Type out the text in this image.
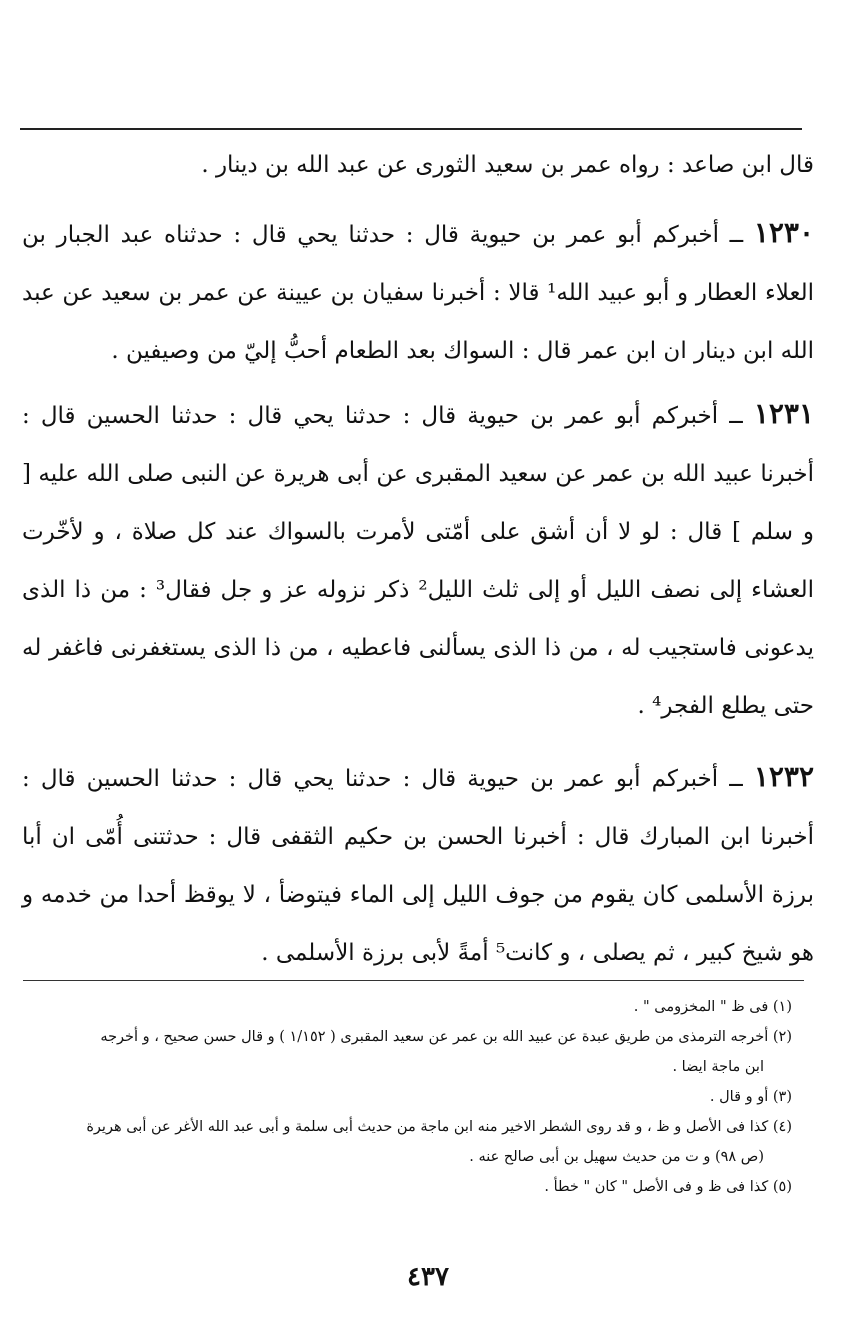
قال ابن صاعد : رواه عمر بن سعيد الثورى عن عبد الله بن دينار .

١٢٣٠ ــ أخبركم أبو عمر بن حيوية قال : حدثنا يحي قال : حدثناه عبد الجبار بن العلاء العطار و أبو عبيد الله¹ قالا : أخبرنا سفيان بن عيينة عن عمر بن سعيد عن عبد الله ابن دينار ان ابن عمر قال : السواك بعد الطعام أحبُّ إليّ من وصيفين .

١٢٣١ ــ أخبركم أبو عمر بن حيوية قال : حدثنا يحي قال : حدثنا الحسين قال : أخبرنا عبيد الله بن عمر عن سعيد المقبرى عن أبى هريرة عن النبى صلى الله عليه [ و سلم ] قال : لو لا أن أشق على أمّتى لأمرت بالسواك عند كل صلاة ، و لأخّرت العشاء إلى نصف الليل أو إلى ثلث الليل² ذكر نزوله عز و جل فقال³ : من ذا الذى يدعونى فاستجيب له ، من ذا الذى يسألنى فاعطيه ، من ذا الذى يستغفرنى فاغفر له حتى يطلع الفجر⁴ .

١٢٣٢ ــ أخبركم أبو عمر بن حيوية قال : حدثنا يحي قال : حدثنا الحسين قال : أخبرنا ابن المبارك قال : أخبرنا الحسن بن حكيم الثقفى قال : حدثتنى أُمّى ان أبا برزة الأسلمى كان يقوم من جوف الليل إلى الماء فيتوضأ ، لا يوقظ أحدا من خدمه و هو شيخ كبير ، ثم يصلى ، و كانت⁵ أمةً لأبى برزة الأسلمى .

(١) فى ظ " المخزومى " .

(٢) أخرجه الترمذى من طريق عبدة عن عبيد الله بن عمر عن سعيد المقبرى ( ١/١٥٢ ) و قال حسن صحيح ، و أخرجه

ابن ماجة ايضا .

(٣) أو و قال .

(٤) كذا فى الأصل و ظ ، و قد روى الشطر الاخير منه ابن ماجة من حديث أبى سلمة و أبى عبد الله الأغر عن أبى هريرة

(ص ٩٨) و ت من حديث سهيل بن أبى صالح عنه .

(٥) كذا فى ظ و فى الأصل " كان " خطأ .

٤٣٧
